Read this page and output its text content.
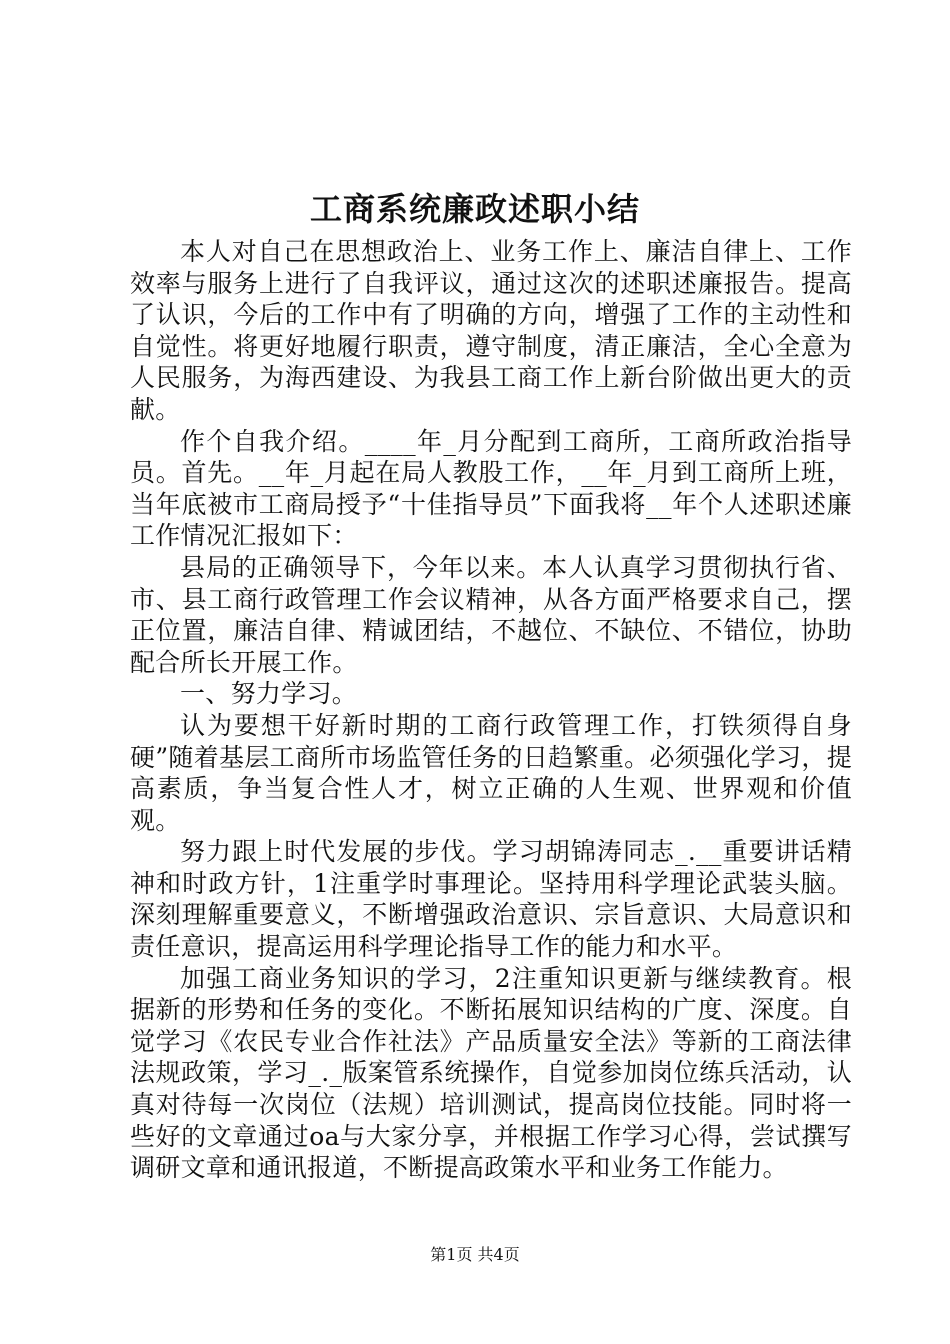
工商系统廉政述职小结

本人对自己在思想政治上、业务工作上、廉洁自律上、工作效率与服务上进行了自我评议，通过这次的述职述廉报告。提高了认识，今后的工作中有了明确的方向，增强了工作的主动性和自觉性。将更好地履行职责，遵守制度，清正廉洁，全心全意为人民服务，为海西建设、为我县工商工作上新台阶做出更大的贡献。

作个自我介绍。____年_月分配到工商所，工商所政治指导员。首先。__年_月起在局人教股工作，__年_月到工商所上班，当年底被市工商局授予“十佳指导员”下面我将__年个人述职述廉工作情况汇报如下：

县局的正确领导下，今年以来。本人认真学习贯彻执行省、市、县工商行政管理工作会议精神，从各方面严格要求自己，摆正位置，廉洁自律、精诚团结，不越位、不缺位、不错位，协助配合所长开展工作。

一、努力学习。

认为要想干好新时期的工商行政管理工作，打铁须得自身硬”随着基层工商所市场监管任务的日趋繁重。必须强化学习，提高素质，争当复合性人才，树立正确的人生观、世界观和价值观。

努力跟上时代发展的步伐。学习胡锦涛同志_.__重要讲话精神和时政方针，1注重学时事理论。坚持用科学理论武装头脑。深刻理解重要意义，不断增强政治意识、宗旨意识、大局意识和责任意识，提高运用科学理论指导工作的能力和水平。

加强工商业务知识的学习，2注重知识更新与继续教育。根据新的形势和任务的变化。不断拓展知识结构的广度、深度。自觉学习《农民专业合作社法》产品质量安全法》等新的工商法律法规政策，学习_._版案管系统操作，自觉参加岗位练兵活动，认真对待每一次岗位（法规）培训测试，提高岗位技能。同时将一些好的文章通过oa与大家分享，并根据工作学习心得，尝试撰写调研文章和通讯报道，不断提高政策水平和业务工作能力。

第1页 共4页
